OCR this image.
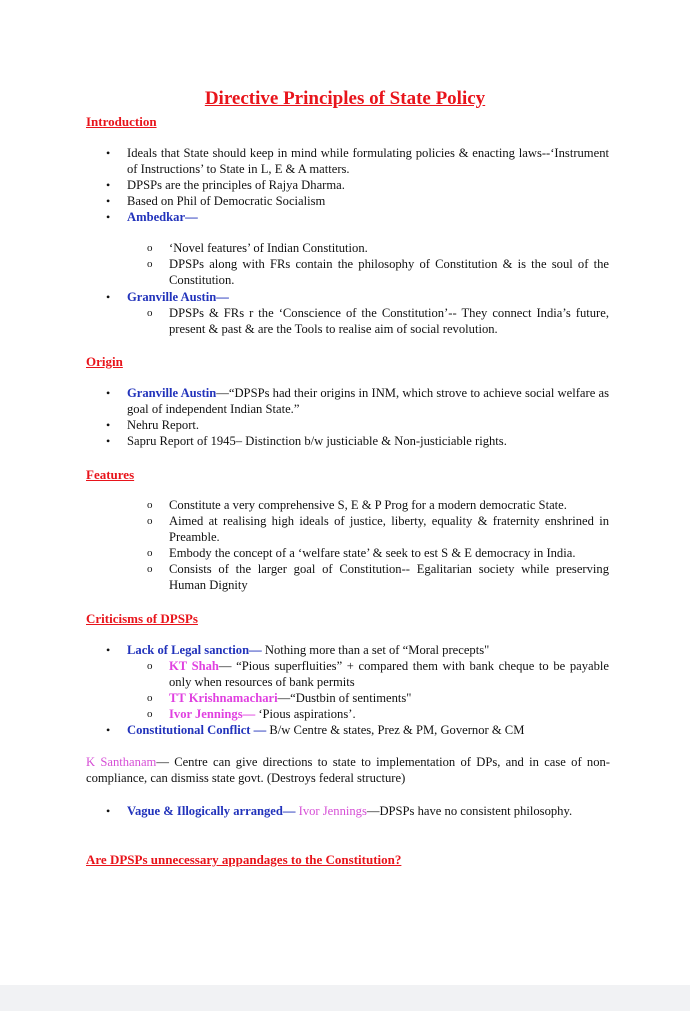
Directive Principles of State Policy

Introduction

• Ideals that State should keep in mind while formulating policies & enacting laws--‘Instrument of Instructions’ to State in L, E & A matters.

• DPSPs are the principles of Rajya Dharma.

• Based on Phil of Democratic Socialism

• Ambedkar—

o ‘Novel features’ of Indian Constitution.

o DPSPs along with FRs contain the philosophy of Constitution & is the soul of the Constitution.

• Granville Austin—

o DPSPs & FRs r the ‘Conscience of the Constitution’-- They connect India’s future, present & past & are the Tools to realise aim of social revolution.

Origin

• Granville Austin—“DPSPs had their origins in INM, which strove to achieve social welfare as goal of independent Indian State.”

• Nehru Report.

• Sapru Report of 1945– Distinction b/w justiciable & Non-justiciable rights.

Features

o Constitute a very comprehensive S, E & P Prog for a modern democratic State.

o Aimed at realising high ideals of justice, liberty, equality & fraternity enshrined in Preamble.

o Embody the concept of a ‘welfare state’ & seek to est S & E democracy in India.

o Consists of the larger goal of Constitution-- Egalitarian society while preserving Human Dignity

Criticisms of DPSPs

• Lack of Legal sanction— Nothing more than a set of “Moral precepts"

o KT Shah— “Pious superfluities” + compared them with bank cheque to be payable only when resources of bank permits

o TT Krishnamachari—“Dustbin of sentiments"

o Ivor Jennings— ‘Pious aspirations’.

• Constitutional Conflict — B/w Centre & states, Prez & PM, Governor & CM

K Santhanam— Centre can give directions to state to implementation of DPs, and in case of non-compliance, can dismiss state govt. (Destroys federal structure)

• Vague & Illogically arranged— Ivor Jennings—DPSPs have no consistent philosophy.

Are DPSPs unnecessary appandages to the Constitution?
